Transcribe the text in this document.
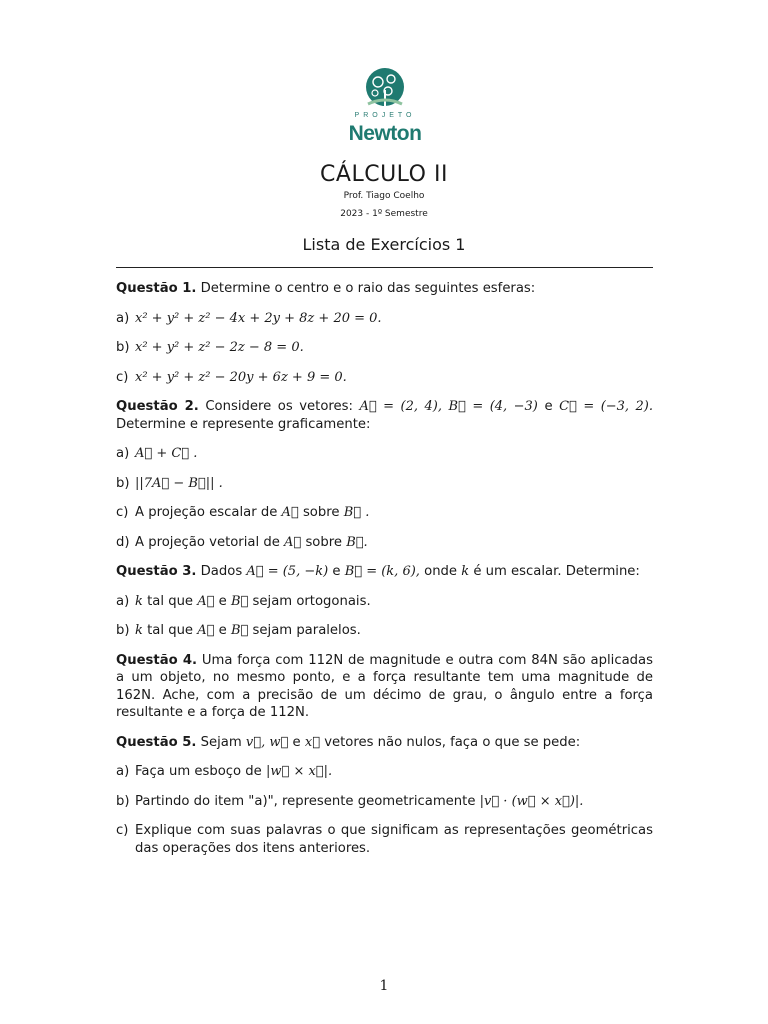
PROJETO
Newton
CÁLCULO II
Prof. Tiago Coelho
2023 - 1º Semestre
Lista de Exercícios 1

Questão 1. Determine o centro e o raio das seguintes esferas:

a) x² + y² + z² − 4x + 2y + 8z + 20 = 0.
b) x² + y² + z² − 2z − 8 = 0.
c) x² + y² + z² − 20y + 6z + 9 = 0.

Questão 2. Considere os vetores: A⃗ = (2, 4), B⃗ = (4, −3) e C⃗ = (−3, 2). Determine e represente graficamente:

a) A⃗ + C⃗ .
b) ||7A⃗ − B⃗|| .
c) A projeção escalar de A⃗ sobre B⃗ .
d) A projeção vetorial de A⃗ sobre B⃗.

Questão 3. Dados A⃗ = (5, −k) e B⃗ = (k, 6), onde k é um escalar. Determine:

a) k tal que A⃗ e B⃗ sejam ortogonais.
b) k tal que A⃗ e B⃗ sejam paralelos.

Questão 4. Uma força com 112N de magnitude e outra com 84N são aplicadas a um objeto, no mesmo ponto, e a força resultante tem uma magnitude de 162N. Ache, com a precisão de um décimo de grau, o ângulo entre a força resultante e a força de 112N.

Questão 5. Sejam v⃗, w⃗ e x⃗ vetores não nulos, faça o que se pede:

a) Faça um esboço de |w⃗ × x⃗|.
b) Partindo do item "a)", represente geometricamente |v⃗ · (w⃗ × x⃗)|.
c) Explique com suas palavras o que significam as representações geométricas das operações dos itens anteriores.
1
